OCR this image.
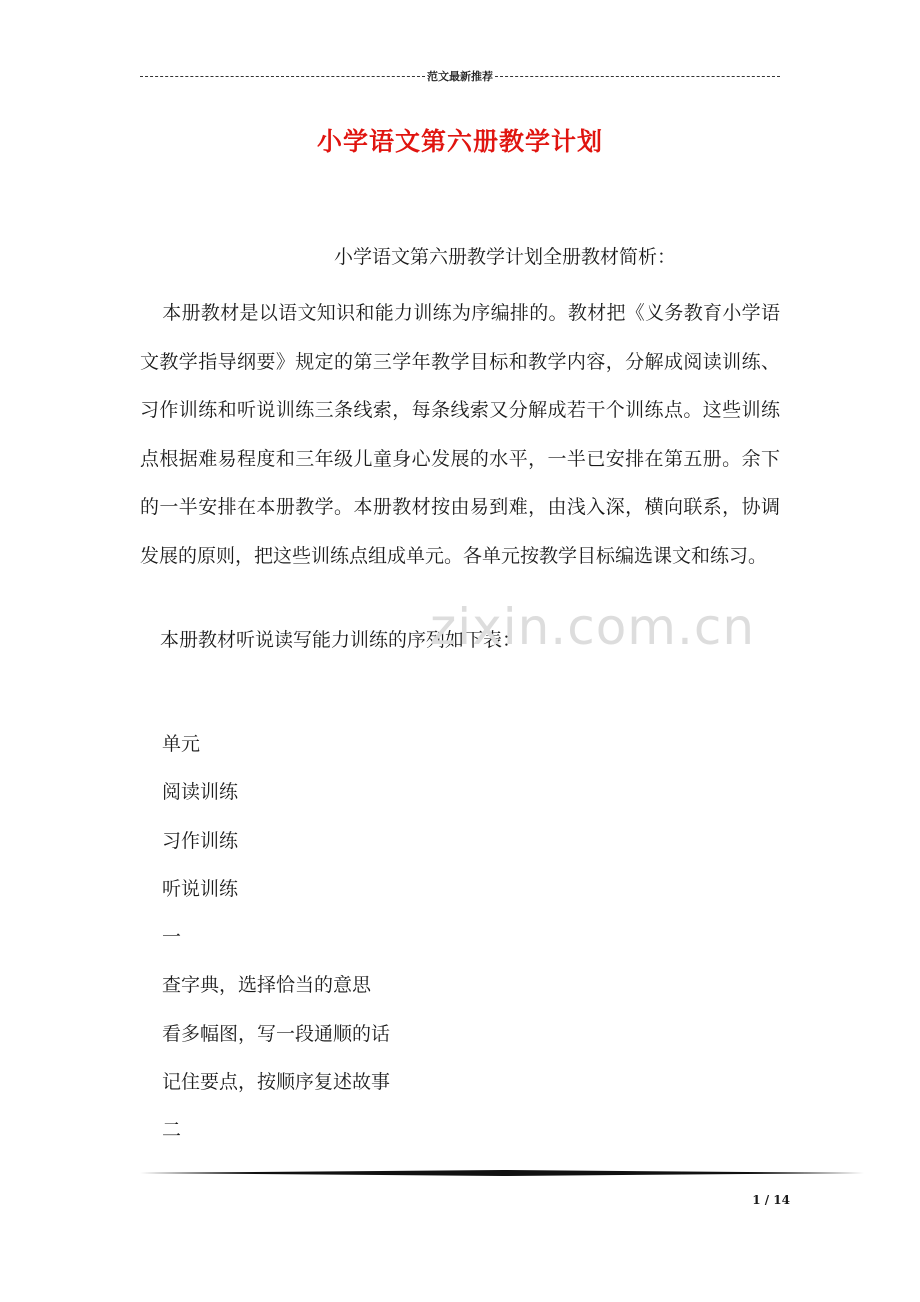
范文最新推荐
小学语文第六册教学计划

小学语文第六册教学计划全册教材简析：

本册教材是以语文知识和能力训练为序编排的。教材把《义务教育小学语文教学指导纲要》规定的第三学年教学目标和教学内容，分解成阅读训练、习作训练和听说训练三条线索，每条线索又分解成若干个训练点。这些训练点根据难易程度和三年级儿童身心发展的水平，一半已安排在第五册。余下的一半安排在本册教学。本册教材按由易到难，由浅入深，横向联系，协调发展的原则，把这些训练点组成单元。各单元按教学目标编选课文和练习。

本册教材听说读写能力训练的序列如下表：

zixin.com.cn
单元
阅读训练
习作训练
听说训练
一
查字典，选择恰当的意思
看多幅图，写一段通顺的话
记住要点，按顺序复述故事
二
1 / 14
